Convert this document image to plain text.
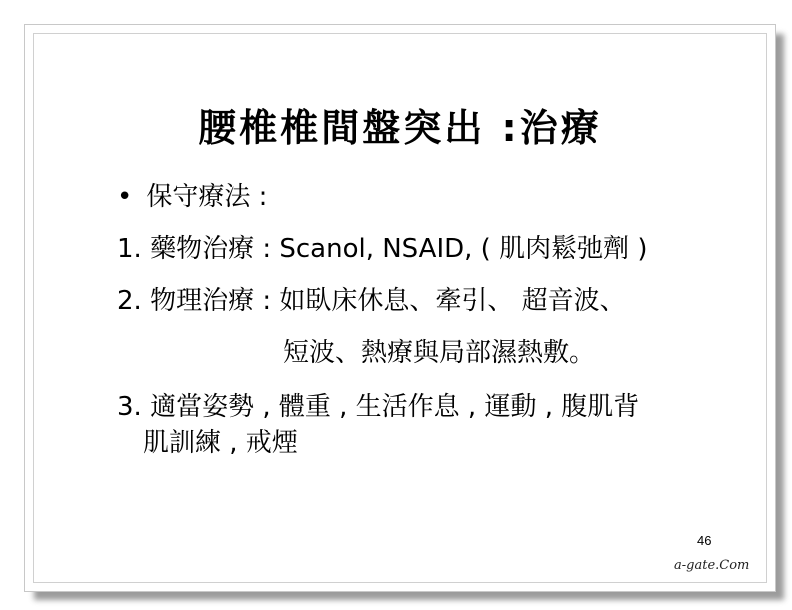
腰椎椎間盤突出 :治療
• 保守療法 :
1. 藥物治療 : Scanol, NSAID, ( 肌肉鬆弛劑 )
2. 物理治療 : 如臥床休息、牽引、 超音波、
短波、熱療與局部濕熱敷。
3. 適當姿勢 , 體重 , 生活作息 , 運動 , 腹肌背
肌訓練 , 戒煙
46
a-gate.Com
